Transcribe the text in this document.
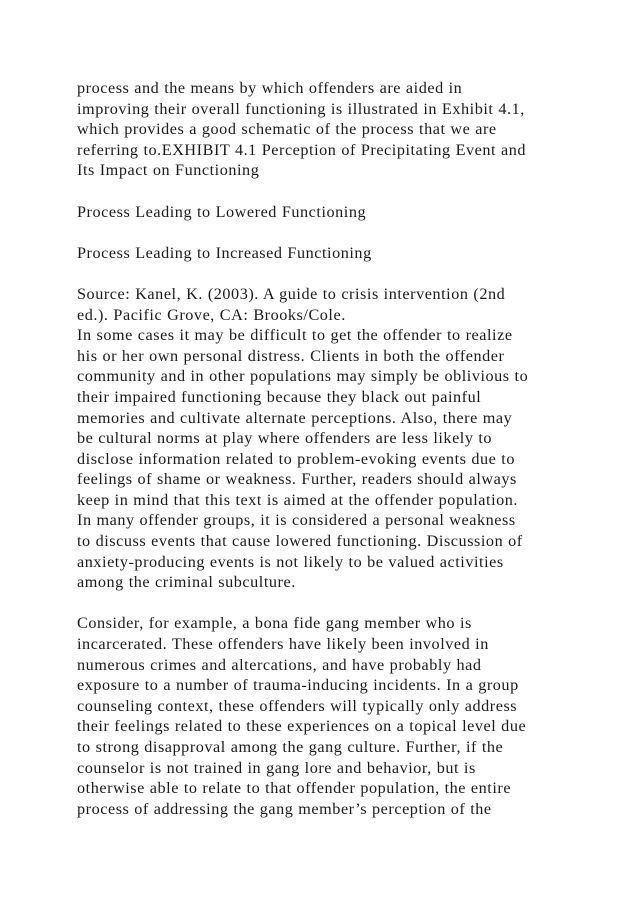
process and the means by which offenders are aided in
improving their overall functioning is illustrated in Exhibit 4.1,
which provides a good schematic of the process that we are
referring to.EXHIBIT 4.1 Perception of Precipitating Event and
Its Impact on Functioning
Process Leading to Lowered Functioning
Process Leading to Increased Functioning
Source: Kanel, K. (2003). A guide to crisis intervention (2nd
ed.). Pacific Grove, CA: Brooks/Cole.
In some cases it may be difficult to get the offender to realize
his or her own personal distress. Clients in both the offender
community and in other populations may simply be oblivious to
their impaired functioning because they black out painful
memories and cultivate alternate perceptions. Also, there may
be cultural norms at play where offenders are less likely to
disclose information related to problem-evoking events due to
feelings of shame or weakness. Further, readers should always
keep in mind that this text is aimed at the offender population.
In many offender groups, it is considered a personal weakness
to discuss events that cause lowered functioning. Discussion of
anxiety-producing events is not likely to be valued activities
among the criminal subculture.
Consider, for example, a bona fide gang member who is
incarcerated. These offenders have likely been involved in
numerous crimes and altercations, and have probably had
exposure to a number of trauma-inducing incidents. In a group
counseling context, these offenders will typically only address
their feelings related to these experiences on a topical level due
to strong disapproval among the gang culture. Further, if the
counselor is not trained in gang lore and behavior, but is
otherwise able to relate to that offender population, the entire
process of addressing the gang member’s perception of the
